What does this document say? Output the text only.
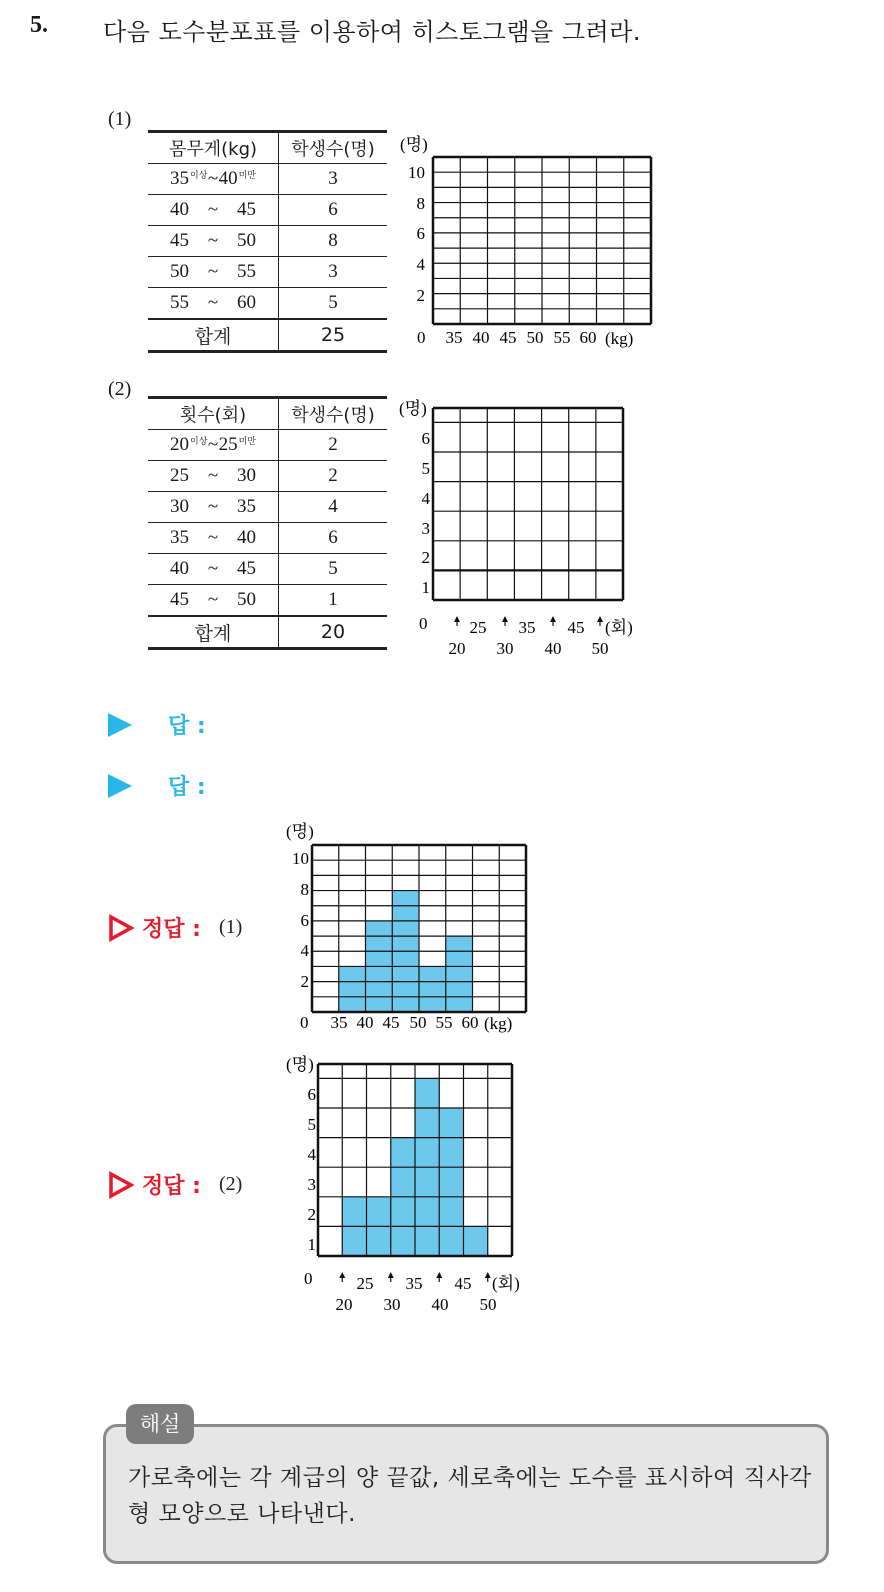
5. 다음 도수분포표를 이용하여 히스토그램을 그려라.
(1)
몸무게(kg)	학생수(명)

$35^{이상}$ ~ $40^{미만}$	3

40 ~ 45	6

45 ~ 50	8

50 ~ 55	3

55 ~ 60	5
합계	25
(명)
0	(kg)
2
4
6
8
10
35 40 45 50 55 60
(2)
횟수(회)	학생수(명)

$20^{이상}$ ~ $25^{미만}$	2

25 ~ 30	2

30 ~ 35	4

35 ~ 40	6

40 ~ 45	5

45 ~ 50	1
합계	20
(명)
0
1
2
3
4
5
6
25 35 45
20 30 40 50
(회)
답 :
답 :
정답 : (1)
(명)
0	(kg)
2
4
6
8
10
35 40 45 50 55 60
정답 : (2)
(명)
0
1
2
3
4
5
6
25 35 45
20 30 40 50
(회)
해설
가로축에는 각 계급의 양 끝값, 세로축에는 도수를 표시하여 직사각형 모양으로 나타낸다.
